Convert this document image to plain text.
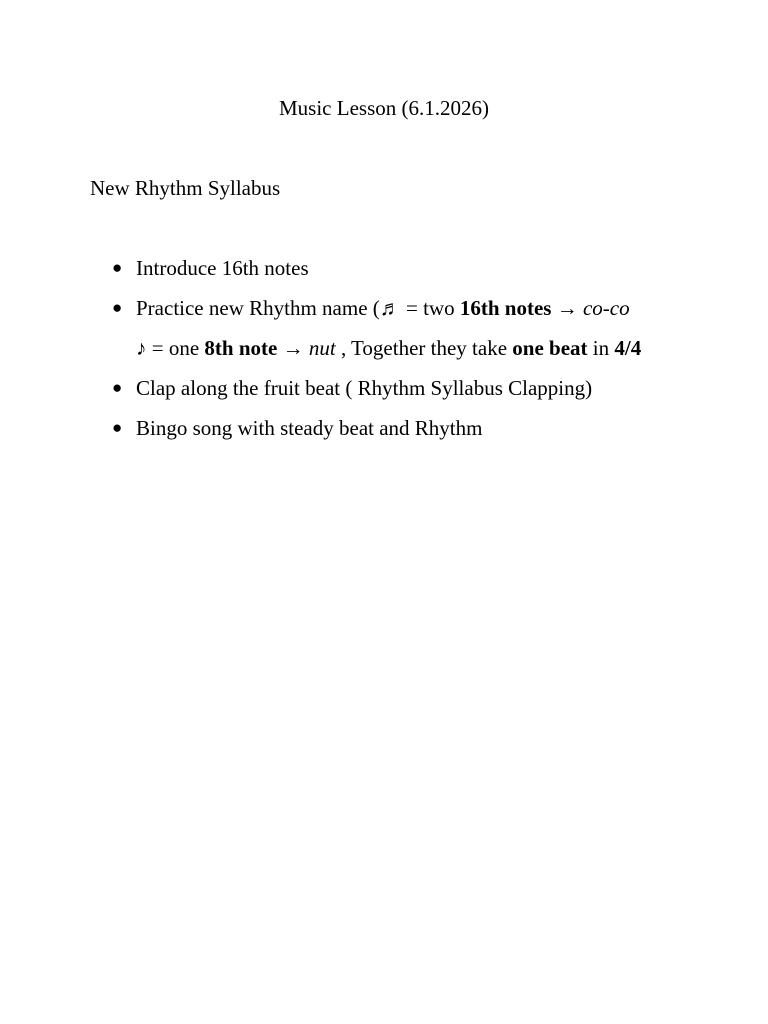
Music Lesson (6.1.2026)
New Rhythm Syllabus
● Introduce 16th notes
● Practice new Rhythm name (♬ = two 16th notes → co-co
♪ = one 8th note → nut , Together they take one beat in 4/4
● Clap along the fruit beat ( Rhythm Syllabus Clapping)
● Bingo song with steady beat and Rhythm
